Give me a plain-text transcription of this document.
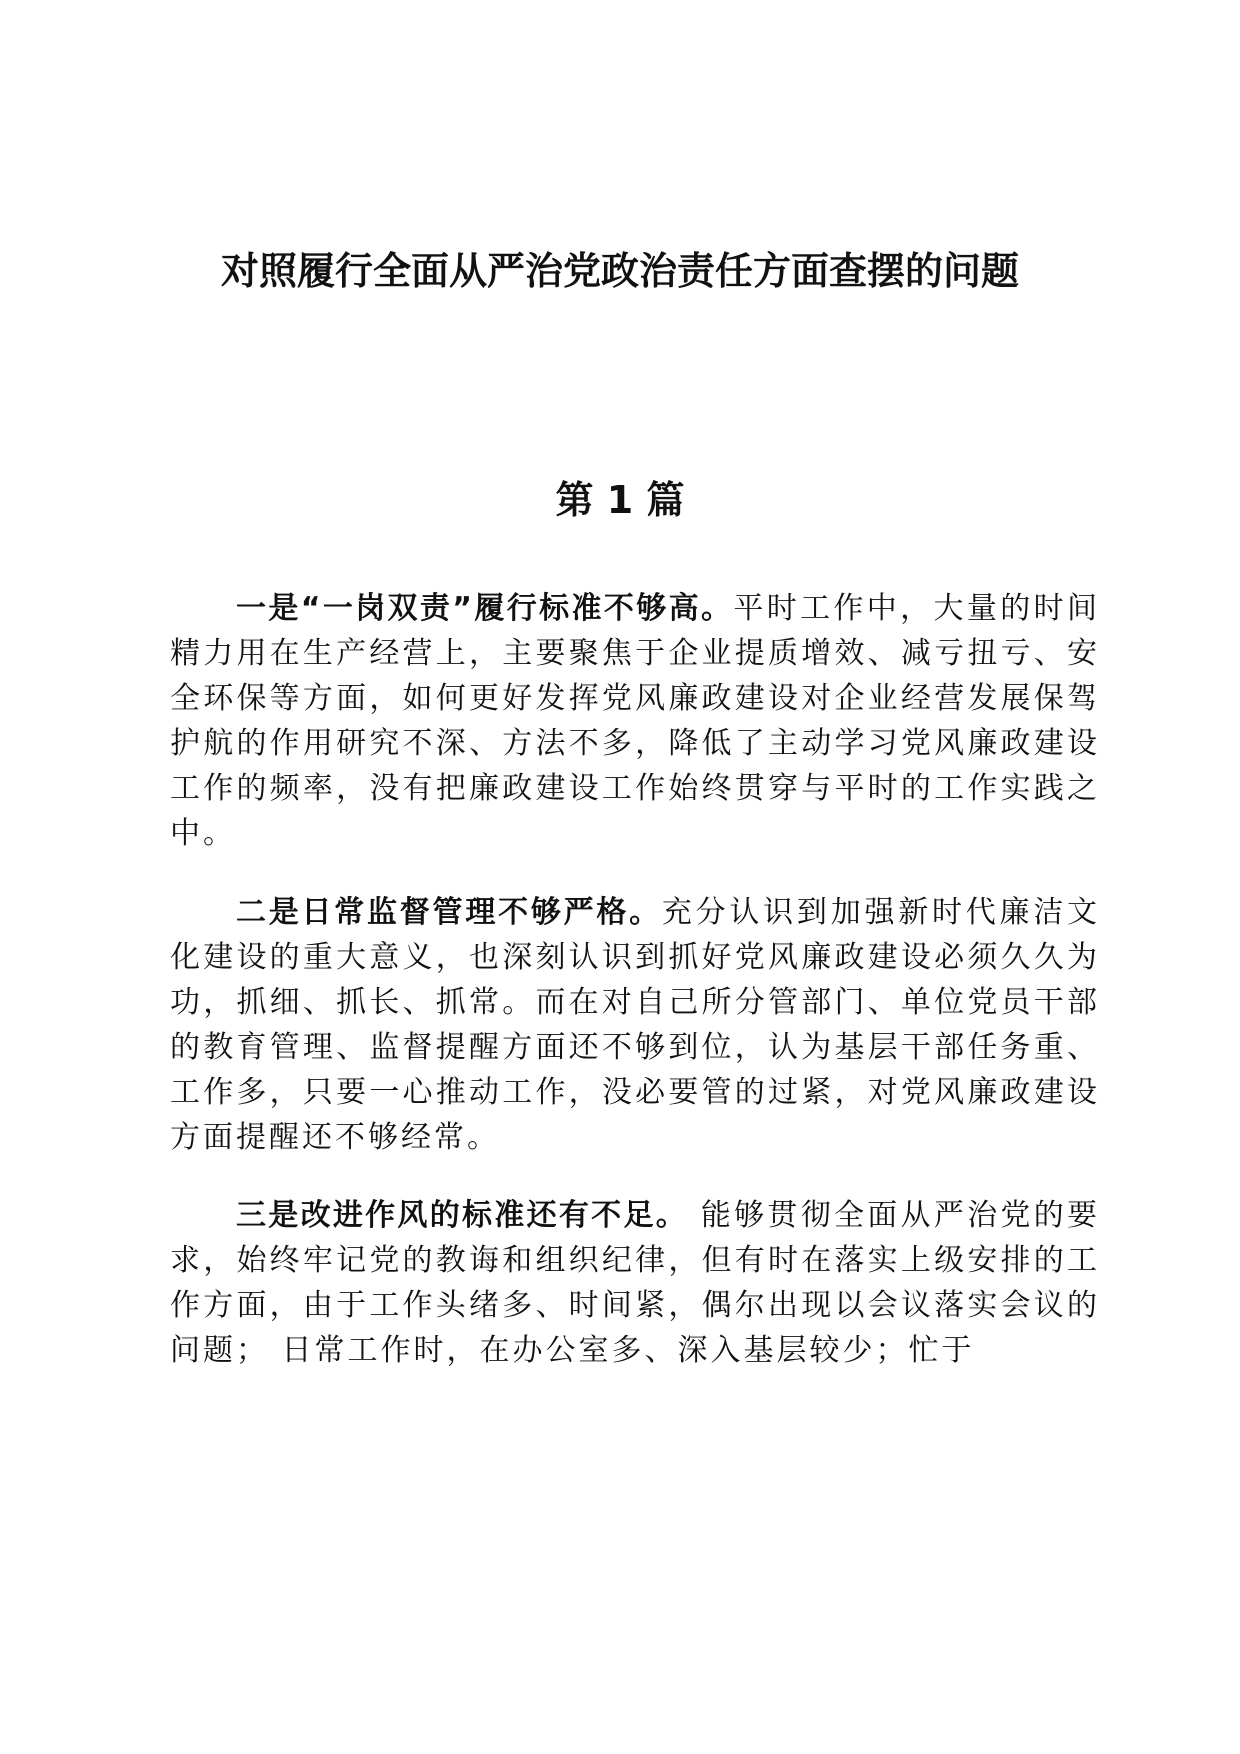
对照履行全面从严治党政治责任方面查摆的问题
第 1 篇

一是“一岗双责”履行标准不够高。平时工作中，大量的时间精力用在生产经营上，主要聚焦于企业提质增效、减亏扭亏、安全环保等方面，如何更好发挥党风廉政建设对企业经营发展保驾护航的作用研究不深、方法不多，降低了主动学习党风廉政建设工作的频率，没有把廉政建设工作始终贯穿与平时的工作实践之中。

二是日常监督管理不够严格。充分认识到加强新时代廉洁文化建设的重大意义，也深刻认识到抓好党风廉政建设必须久久为功，抓细、抓长、抓常。而在对自己所分管部门、单位党员干部的教育管理、监督提醒方面还不够到位，认为基层干部任务重、工作多，只要一心推动工作，没必要管的过紧，对党风廉政建设方面提醒还不够经常。

三是改进作风的标准还有不足。 能够贯彻全面从严治党的要求，始终牢记党的教诲和组织纪律，但有时在落实上级安排的工作方面，由于工作头绪多、时间紧，偶尔出现以会议落实会议的问题； 日常工作时，在办公室多、深入基层较少；忙于
